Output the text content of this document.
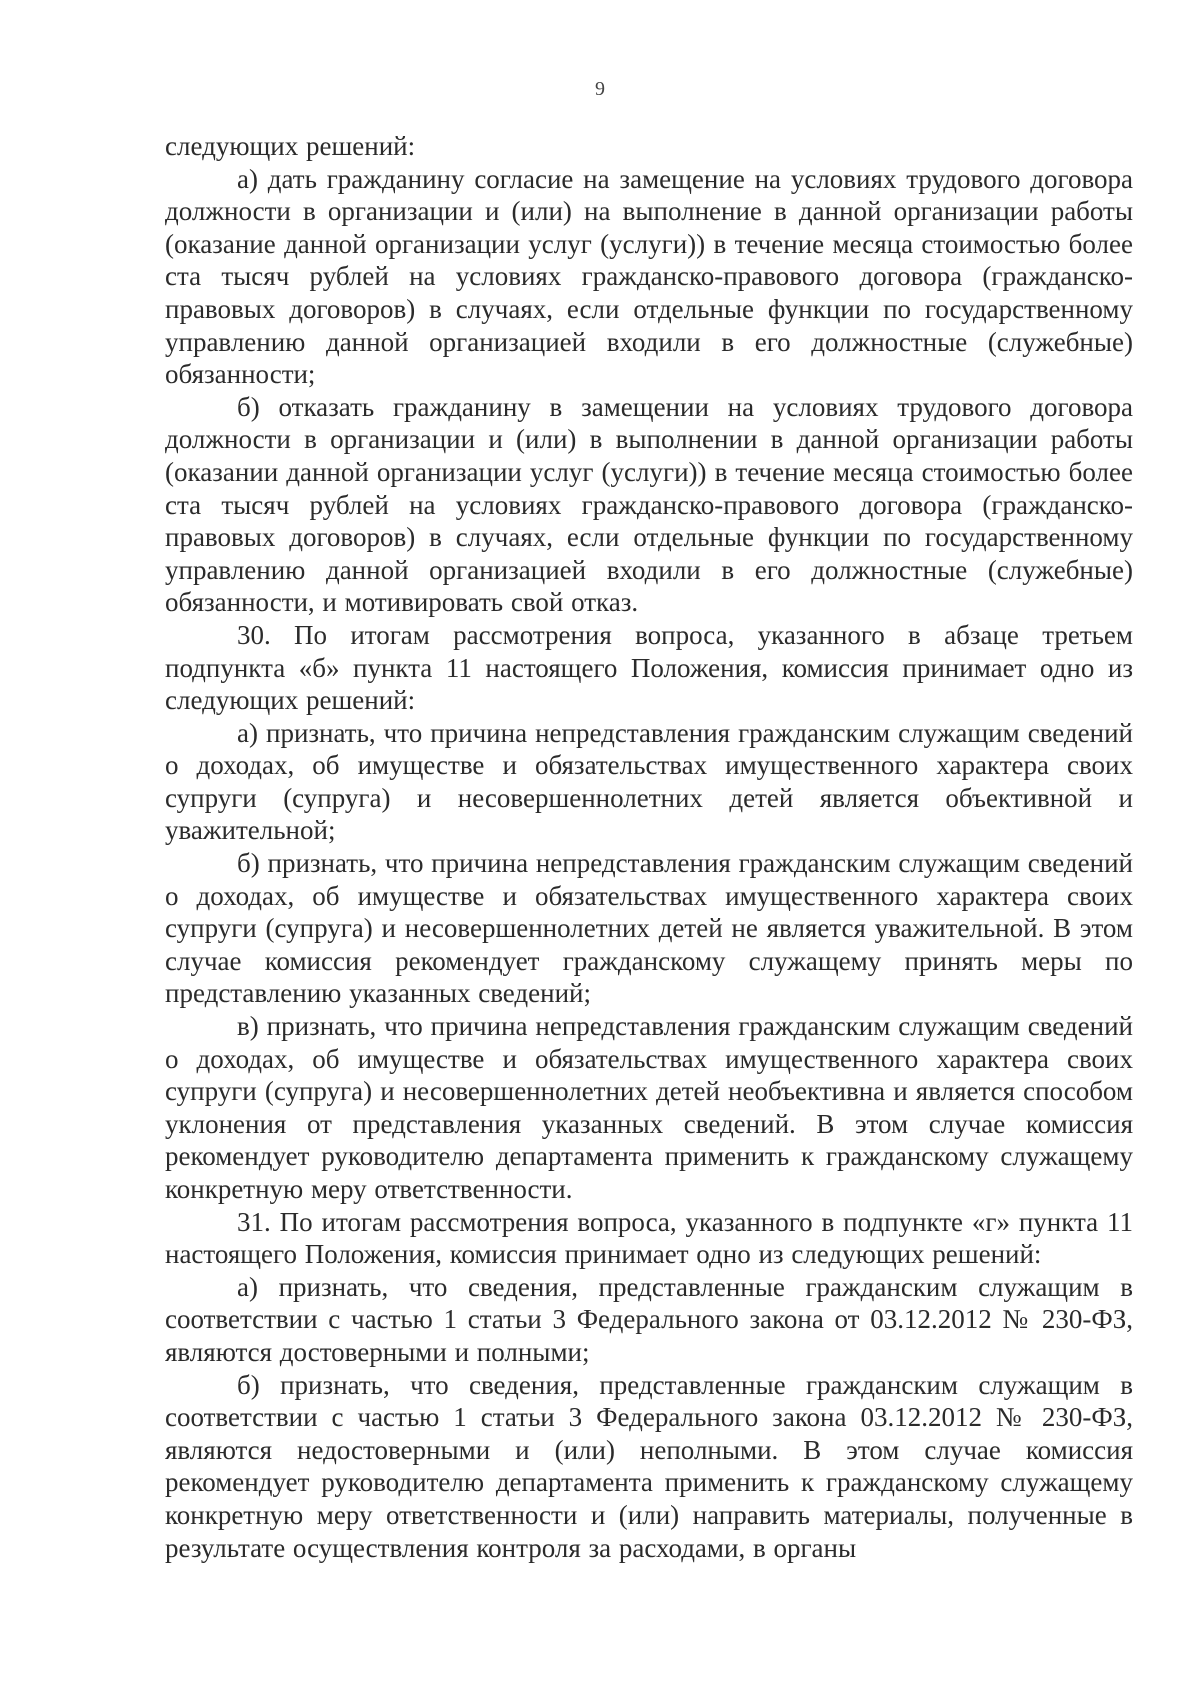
9

следующих решений:

а) дать гражданину согласие на замещение на условиях трудового договора должности в организации и (или) на выполнение в данной организации работы (оказание данной организации услуг (услуги)) в течение месяца стоимостью более ста тысяч рублей на условиях гражданско-правового договора (гражданско-правовых договоров) в случаях, если отдельные функции по государственному управлению данной организацией входили в его должностные (служебные) обязанности;

б) отказать гражданину в замещении на условиях трудового договора должности в организации и (или) в выполнении в данной организации работы (оказании данной организации услуг (услуги)) в течение месяца стоимостью более ста тысяч рублей на условиях гражданско-правового договора (гражданско-правовых договоров) в случаях, если отдельные функции по государственному управлению данной организацией входили в его должностные (служебные) обязанности, и мотивировать свой отказ.

30. По итогам рассмотрения вопроса, указанного в абзаце третьем подпункта «б» пункта 11 настоящего Положения, комиссия принимает одно из следующих решений:

а) признать, что причина непредставления гражданским служащим сведений о доходах, об имуществе и обязательствах имущественного характера своих супруги (супруга) и несовершеннолетних детей является объективной и уважительной;

б) признать, что причина непредставления гражданским служащим сведений о доходах, об имуществе и обязательствах имущественного характера своих супруги (супруга) и несовершеннолетних детей не является уважительной. В этом случае комиссия рекомендует гражданскому служащему принять меры по представлению указанных сведений;

в) признать, что причина непредставления гражданским служащим сведений о доходах, об имуществе и обязательствах имущественного характера своих супруги (супруга) и несовершеннолетних детей необъективна и является способом уклонения от представления указанных сведений. В этом случае комиссия рекомендует руководителю департамента применить к гражданскому служащему конкретную меру ответственности.

31. По итогам рассмотрения вопроса, указанного в подпункте «г» пункта 11 настоящего Положения, комиссия принимает одно из следующих решений:

а) признать, что сведения, представленные гражданским служащим в соответствии с частью 1 статьи 3 Федерального закона от 03.12.2012 № 230-ФЗ, являются достоверными и полными;

б) признать, что сведения, представленные гражданским служащим в соответствии с частью 1 статьи 3 Федерального закона 03.12.2012 № 230-ФЗ, являются недостоверными и (или) неполными. В этом случае комиссия рекомендует руководителю департамента применить к гражданскому служащему конкретную меру ответственности и (или) направить материалы, полученные в результате осуществления контроля за расходами, в органы
